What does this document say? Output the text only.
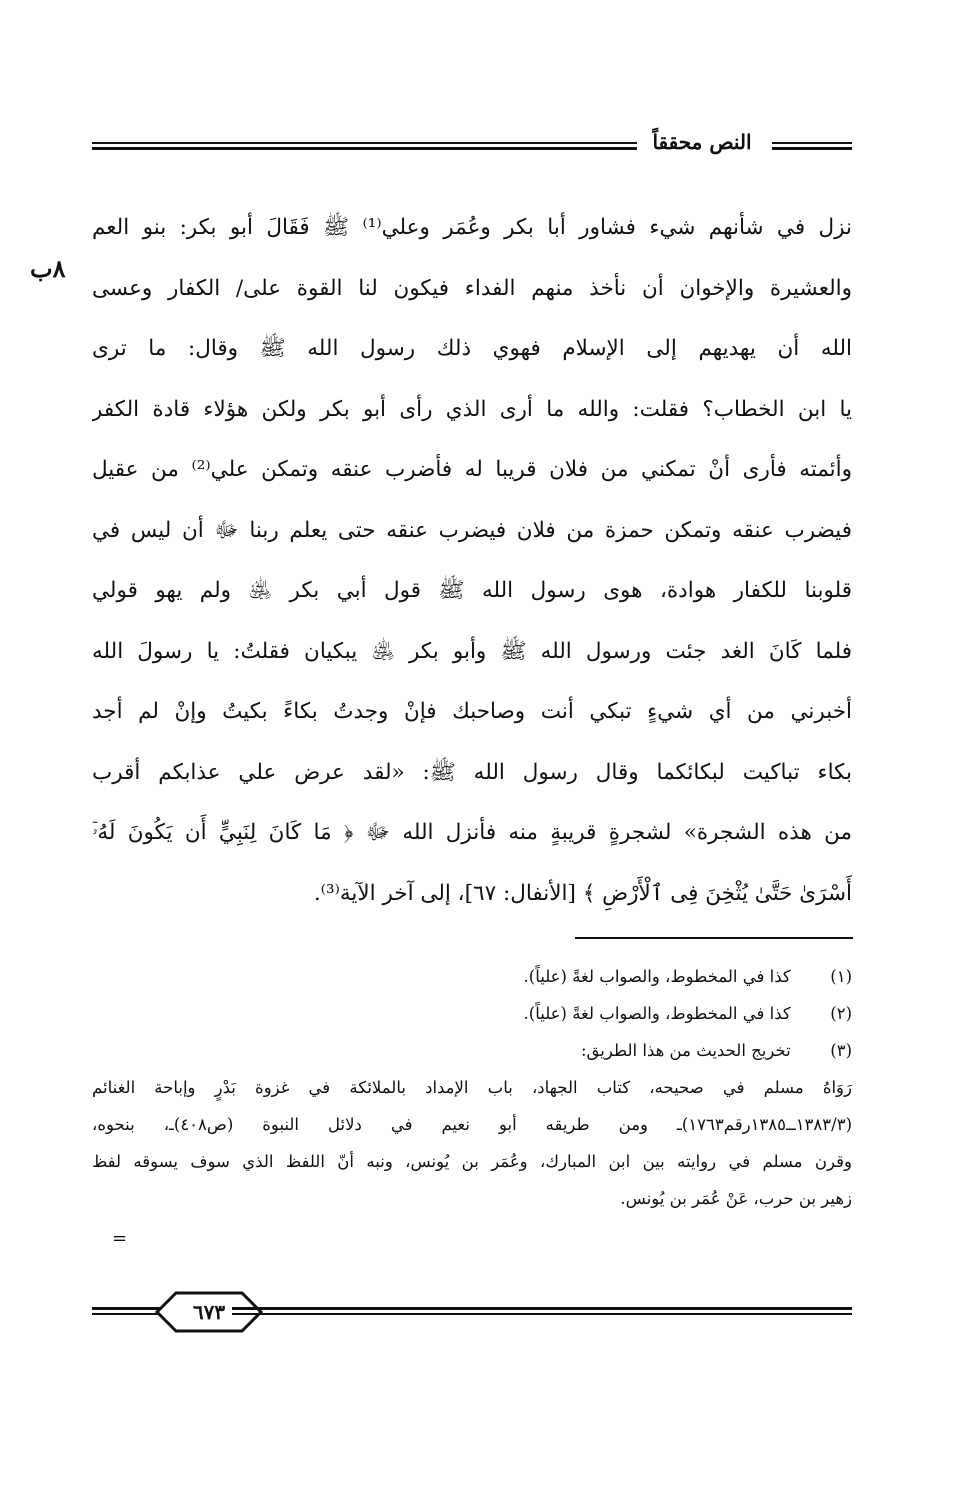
النص محققاً
٨ب
نزل في شأنهم شيء فشاور أبا بكر وعُمَر وعلي⁽¹⁾ ﷺ فَقَالَ أبو بكر: بنو العم
والعشيرة والإخوان أن نأخذ منهم الفداء فيكون لنا القوة على/ الكفار وعسى
الله أن يهديهم إلى الإسلام فهوي ذلك رسول الله ﷺ وقال: ما ترى
يا ابن الخطاب؟ فقلت: والله ما أرى الذي رأى أبو بكر ولكن هؤلاء قادة الكفر
وأئمته فأرى أنْ تمكني من فلان قريبا له فأضرب عنقه وتمكن علي⁽²⁾ من عقيل
فيضرب عنقه وتمكن حمزة من فلان فيضرب عنقه حتى يعلم ربنا ﷻ أن ليس في
قلوبنا للكفار هوادة، هوى رسول الله ﷺ قول أبي بكر ﵁ ولم يهو قولي
فلما كَانَ الغد جئت ورسول الله ﷺ وأبو بكر ﵁ يبكيان فقلتُ: يا رسولَ الله
أخبرني من أي شيءٍ تبكي أنت وصاحبك فإنْ وجدتُ بكاءً بكيتُ وإنْ لم أجد
بكاء تباكيت لبكائكما وقال رسول الله ﷺ: «لقد عرض علي عذابكم أقرب
من هذه الشجرة» لشجرةٍ قريبةٍ منه فأنزل الله ﷻ ﴿ مَا كَانَ لِنَبِيٍّ أَن يَكُونَ لَهُۥٓ
أَسْرَىٰ حَتَّىٰ يُثْخِنَ فِى ٱلْأَرْضِ ﴾ [الأنفال: ٦٧]، إلى آخر الآية⁽³⁾.
(١) كذا في المخطوط، والصواب لغةً (علياً).
(٢) كذا في المخطوط، والصواب لغةً (علياً).
(٣) تخريج الحديث من هذا الطريق:
رَوَاهُ مسلم في صحيحه، كتاب الجهاد، باب الإمداد بالملائكة في غزوة بَدْرٍ وإباحة الغنائم
(١٣٨٣/٣ــ١٣٨٥رقم١٧٦٣)ـ ومن طريقه أبو نعيم في دلائل النبوة (ص٤٠٨)ـ، بنحوه،
وقرن مسلم في روايته بين ابن المبارك، وعُمَر بن يُونس، ونبه أنّ اللفظ الذي سوف يسوقه لفظ
زهير بن حرب، عَنْ عُمَر بن يُونس.
=
٦٧٣
